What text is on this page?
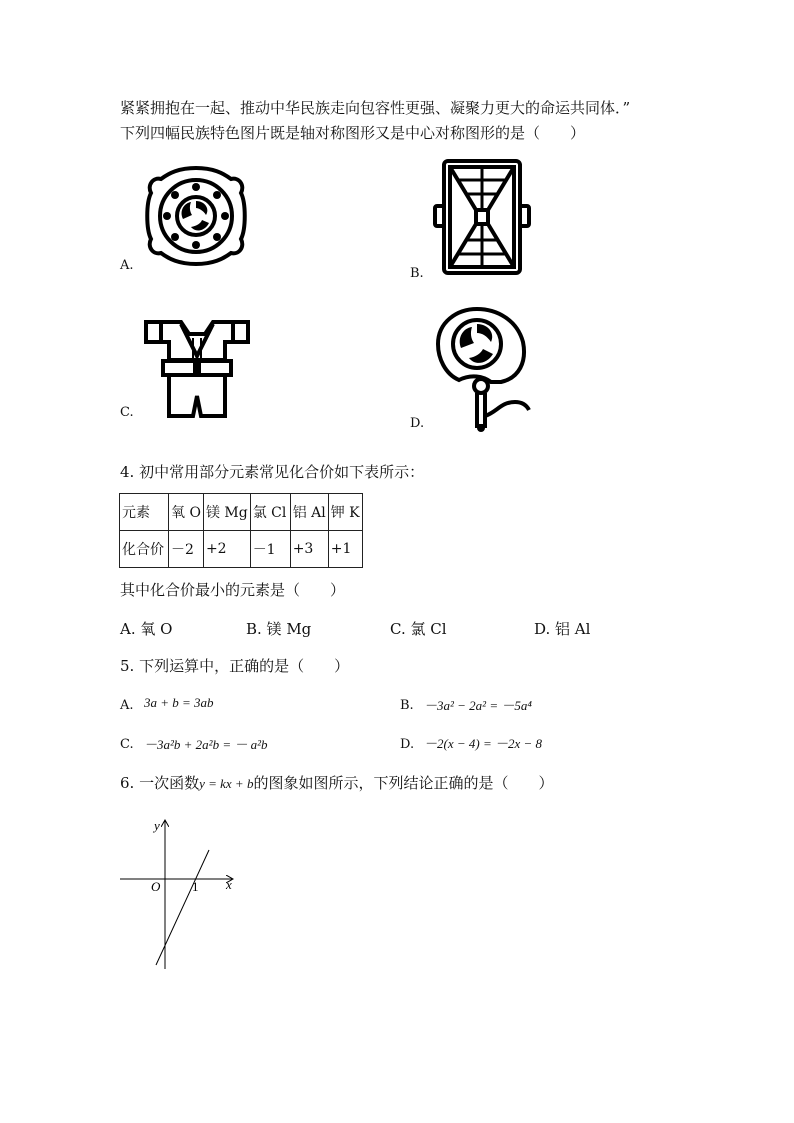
紧紧拥抱在一起、推动中华民族走向包容性更强、凝聚力更大的命运共同体．”
下列四幅民族特色图片既是轴对称图形又是中心对称图形的是（　　）
A.
B.
C.
D.
4. 初中常用部分元素常见化合价如下表所示：
元素	氧 O	镁 Mg	氯 Cl	铝 Al	钾 K
化合价	－2	+2	－1	+3	+1
其中化合价最小的元素是（　　）
A. 氧 O	B. 镁 Mg	C. 氯 Cl	D. 铝 Al
5. 下列运算中，正确的是（　　）
A. 3a + b = 3ab	B. －3a² − 2a² = －5a⁴
C. －3a²b + 2a²b = － a²b	D. －2(x − 4) = －2x − 8
6. 一次函数y = kx + b的图象如图所示，下列结论正确的是（　　）
y
x
O 1
